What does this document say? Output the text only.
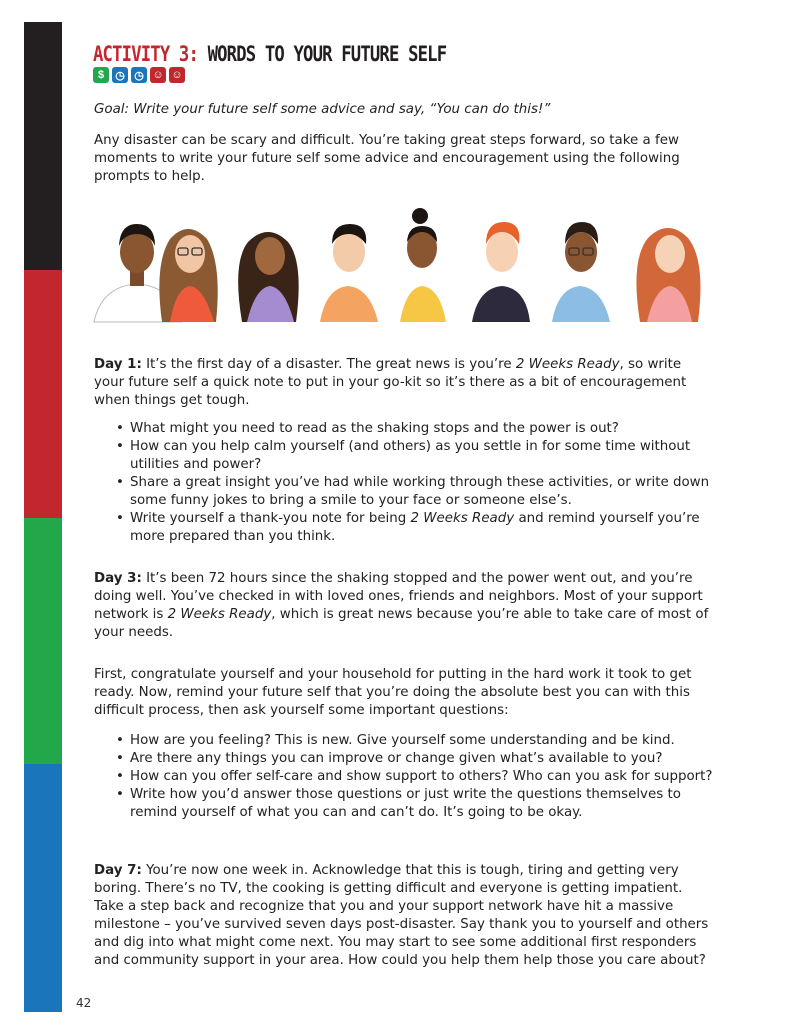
ACTIVITY 3: WORDS TO YOUR FUTURE SELF
$	◷ ◷ ☺ ☺

Goal: Write your future self some advice and say, “You can do this!”

Any disaster can be scary and difficult. You’re taking great steps forward, so take a few moments to write your future self some advice and encouragement using the following prompts to help.

Day 1: It’s the first day of a disaster. The great news is you’re 2 Weeks Ready, so write your future self a quick note to put in your go-kit so it’s there as a bit of encouragement when things get tough.

• What might you need to read as the shaking stops and the power is out?
• How can you help calm yourself (and others) as you settle in for some time without utilities and power?
• Share a great insight you’ve had while working through these activities, or write down some funny jokes to bring a smile to your face or someone else’s.
• Write yourself a thank-you note for being 2 Weeks Ready and remind yourself you’re more prepared than you think.

Day 3: It’s been 72 hours since the shaking stopped and the power went out, and you’re doing well. You’ve checked in with loved ones, friends and neighbors. Most of your support network is 2 Weeks Ready, which is great news because you’re able to take care of most of your needs.

First, congratulate yourself and your household for putting in the hard work it took to get ready. Now, remind your future self that you’re doing the absolute best you can with this difficult process, then ask yourself some important questions:

• How are you feeling? This is new. Give yourself some understanding and be kind.
• Are there any things you can improve or change given what’s available to you?
• How can you offer self-care and show support to others? Who can you ask for support?
• Write how you’d answer those questions or just write the questions themselves to remind yourself of what you can and can’t do. It’s going to be okay.

Day 7: You’re now one week in. Acknowledge that this is tough, tiring and getting very boring. There’s no TV, the cooking is getting difficult and everyone is getting impatient. Take a step back and recognize that you and your support network have hit a massive milestone – you’ve survived seven days post-disaster. Say thank you to yourself and others and dig into what might come next. You may start to see some additional first responders and community support in your area. How could you help them help those you care about?

42
